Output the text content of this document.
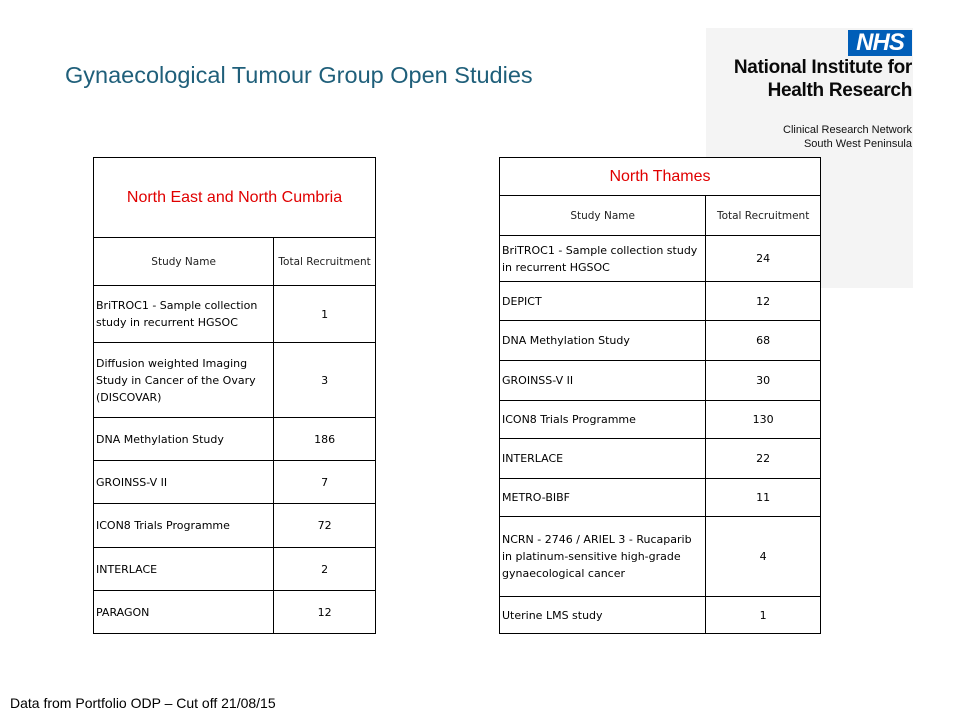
Gynaecological Tumour Group Open Studies
NHS
National Institute for
Health Research
Clinical Research Network
South West Peninsula
North East and North Cumbria	
Study Name	Total Recruitment
BriTROC1 - Sample collection study in recurrent HGSOC	1
Diffusion weighted Imaging Study in Cancer of the Ovary (DISCOVAR)	3
DNA Methylation Study	186
GROINSS-V II	7
ICON8 Trials Programme	72
INTERLACE	2
PARAGON	12
North Thames	
Study Name	Total Recruitment
BriTROC1 - Sample collection study in recurrent HGSOC	24
DEPICT	12
DNA Methylation Study	68
GROINSS-V II	30
ICON8 Trials Programme	130
INTERLACE	22
METRO-BIBF	11
NCRN - 2746 / ARIEL 3 - Rucaparib in platinum-sensitive high-grade gynaecological cancer	4
Uterine LMS study	1
Data from Portfolio ODP – Cut off 21/08/15
